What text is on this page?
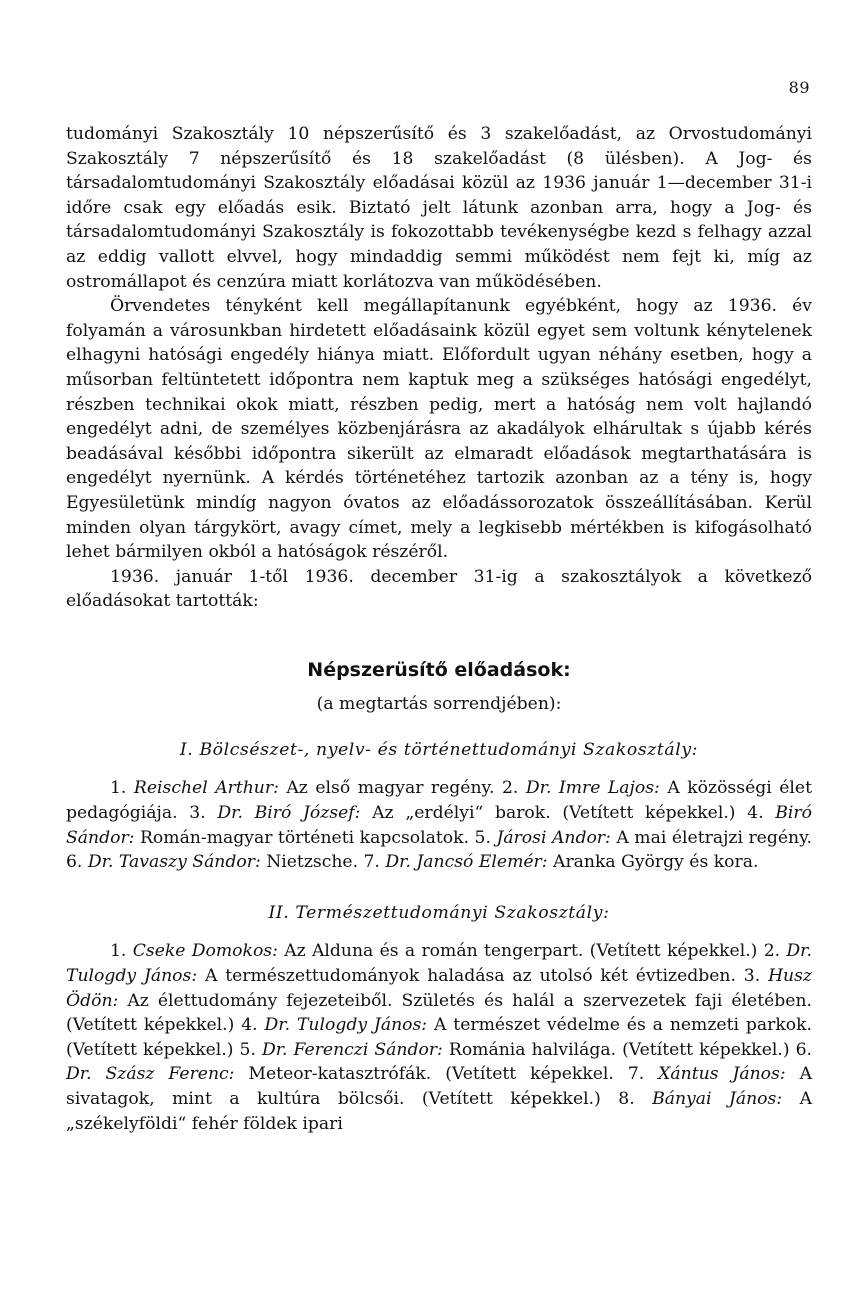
89

tudományi Szakosztály 10 népszerűsítő és 3 szakelőadást, az Orvostudományi Szakosztály 7 népszerűsítő és 18 szakelőadást (8 ülésben). A Jog- és társadalomtudományi Szakosztály előadásai közül az 1936 január 1—december 31-i időre csak egy előadás esik. Biztató jelt látunk azonban arra, hogy a Jog- és társadalomtudományi Szakosztály is fokozottabb tevékenységbe kezd s felhagy azzal az eddig vallott elvvel, hogy mindaddig semmi működést nem fejt ki, míg az ostromállapot és cenzúra miatt korlátozva van működésében.

Örvendetes tényként kell megállapítanunk egyébként, hogy az 1936. év folyamán a városunkban hirdetett előadásaink közül egyet sem voltunk kénytelenek elhagyni hatósági engedély hiánya miatt. Előfordult ugyan néhány esetben, hogy a műsorban feltüntetett időpontra nem kaptuk meg a szükséges hatósági engedélyt, részben technikai okok miatt, részben pedig, mert a hatóság nem volt hajlandó engedélyt adni, de személyes közbenjárásra az akadályok elhárultak s újabb kérés beadásával későbbi időpontra sikerült az elmaradt előadások megtarthatására is engedélyt nyernünk. A kérdés történetéhez tartozik azonban az a tény is, hogy Egyesületünk mindíg nagyon óvatos az előadássorozatok összeállításában. Kerül minden olyan tárgykört, avagy címet, mely a legkisebb mértékben is kifogásolható lehet bármilyen okból a hatóságok részéről.

1936. január 1-től 1936. december 31-ig a szakosztályok a következő előadásokat tartották:

Népszerüsítő előadások:
(a megtartás sorrendjében):
I. Bölcsészet-, nyelv- és történettudományi Szakosztály:

1. Reischel Arthur: Az első magyar regény. 2. Dr. Imre Lajos: A közösségi élet pedagógiája. 3. Dr. Biró József: Az „erdélyi“ barok. (Vetített képekkel.) 4. Biró Sándor: Román-magyar történeti kapcsolatok. 5. Járosi Andor: A mai életrajzi regény. 6. Dr. Tavaszy Sándor: Nietzsche. 7. Dr. Jancsó Elemér: Aranka György és kora.

II. Természettudományi Szakosztály:

1. Cseke Domokos: Az Alduna és a román tengerpart. (Vetített képekkel.) 2. Dr. Tulogdy János: A természettudományok haladása az utolsó két évtizedben. 3. Husz Ödön: Az élettudomány fejezeteiből. Születés és halál a szervezetek faji életében. (Vetített képekkel.) 4. Dr. Tulogdy János: A természet védelme és a nemzeti parkok. (Vetített képekkel.) 5. Dr. Ferenczi Sándor: Románia halvilága. (Vetített képekkel.) 6. Dr. Szász Ferenc: Meteor-katasztrófák. (Vetített képekkel. 7. Xántus János: A sivatagok, mint a kultúra bölcsői. (Vetített képekkel.) 8. Bányai János: A „székelyföldi“ fehér földek ipari
